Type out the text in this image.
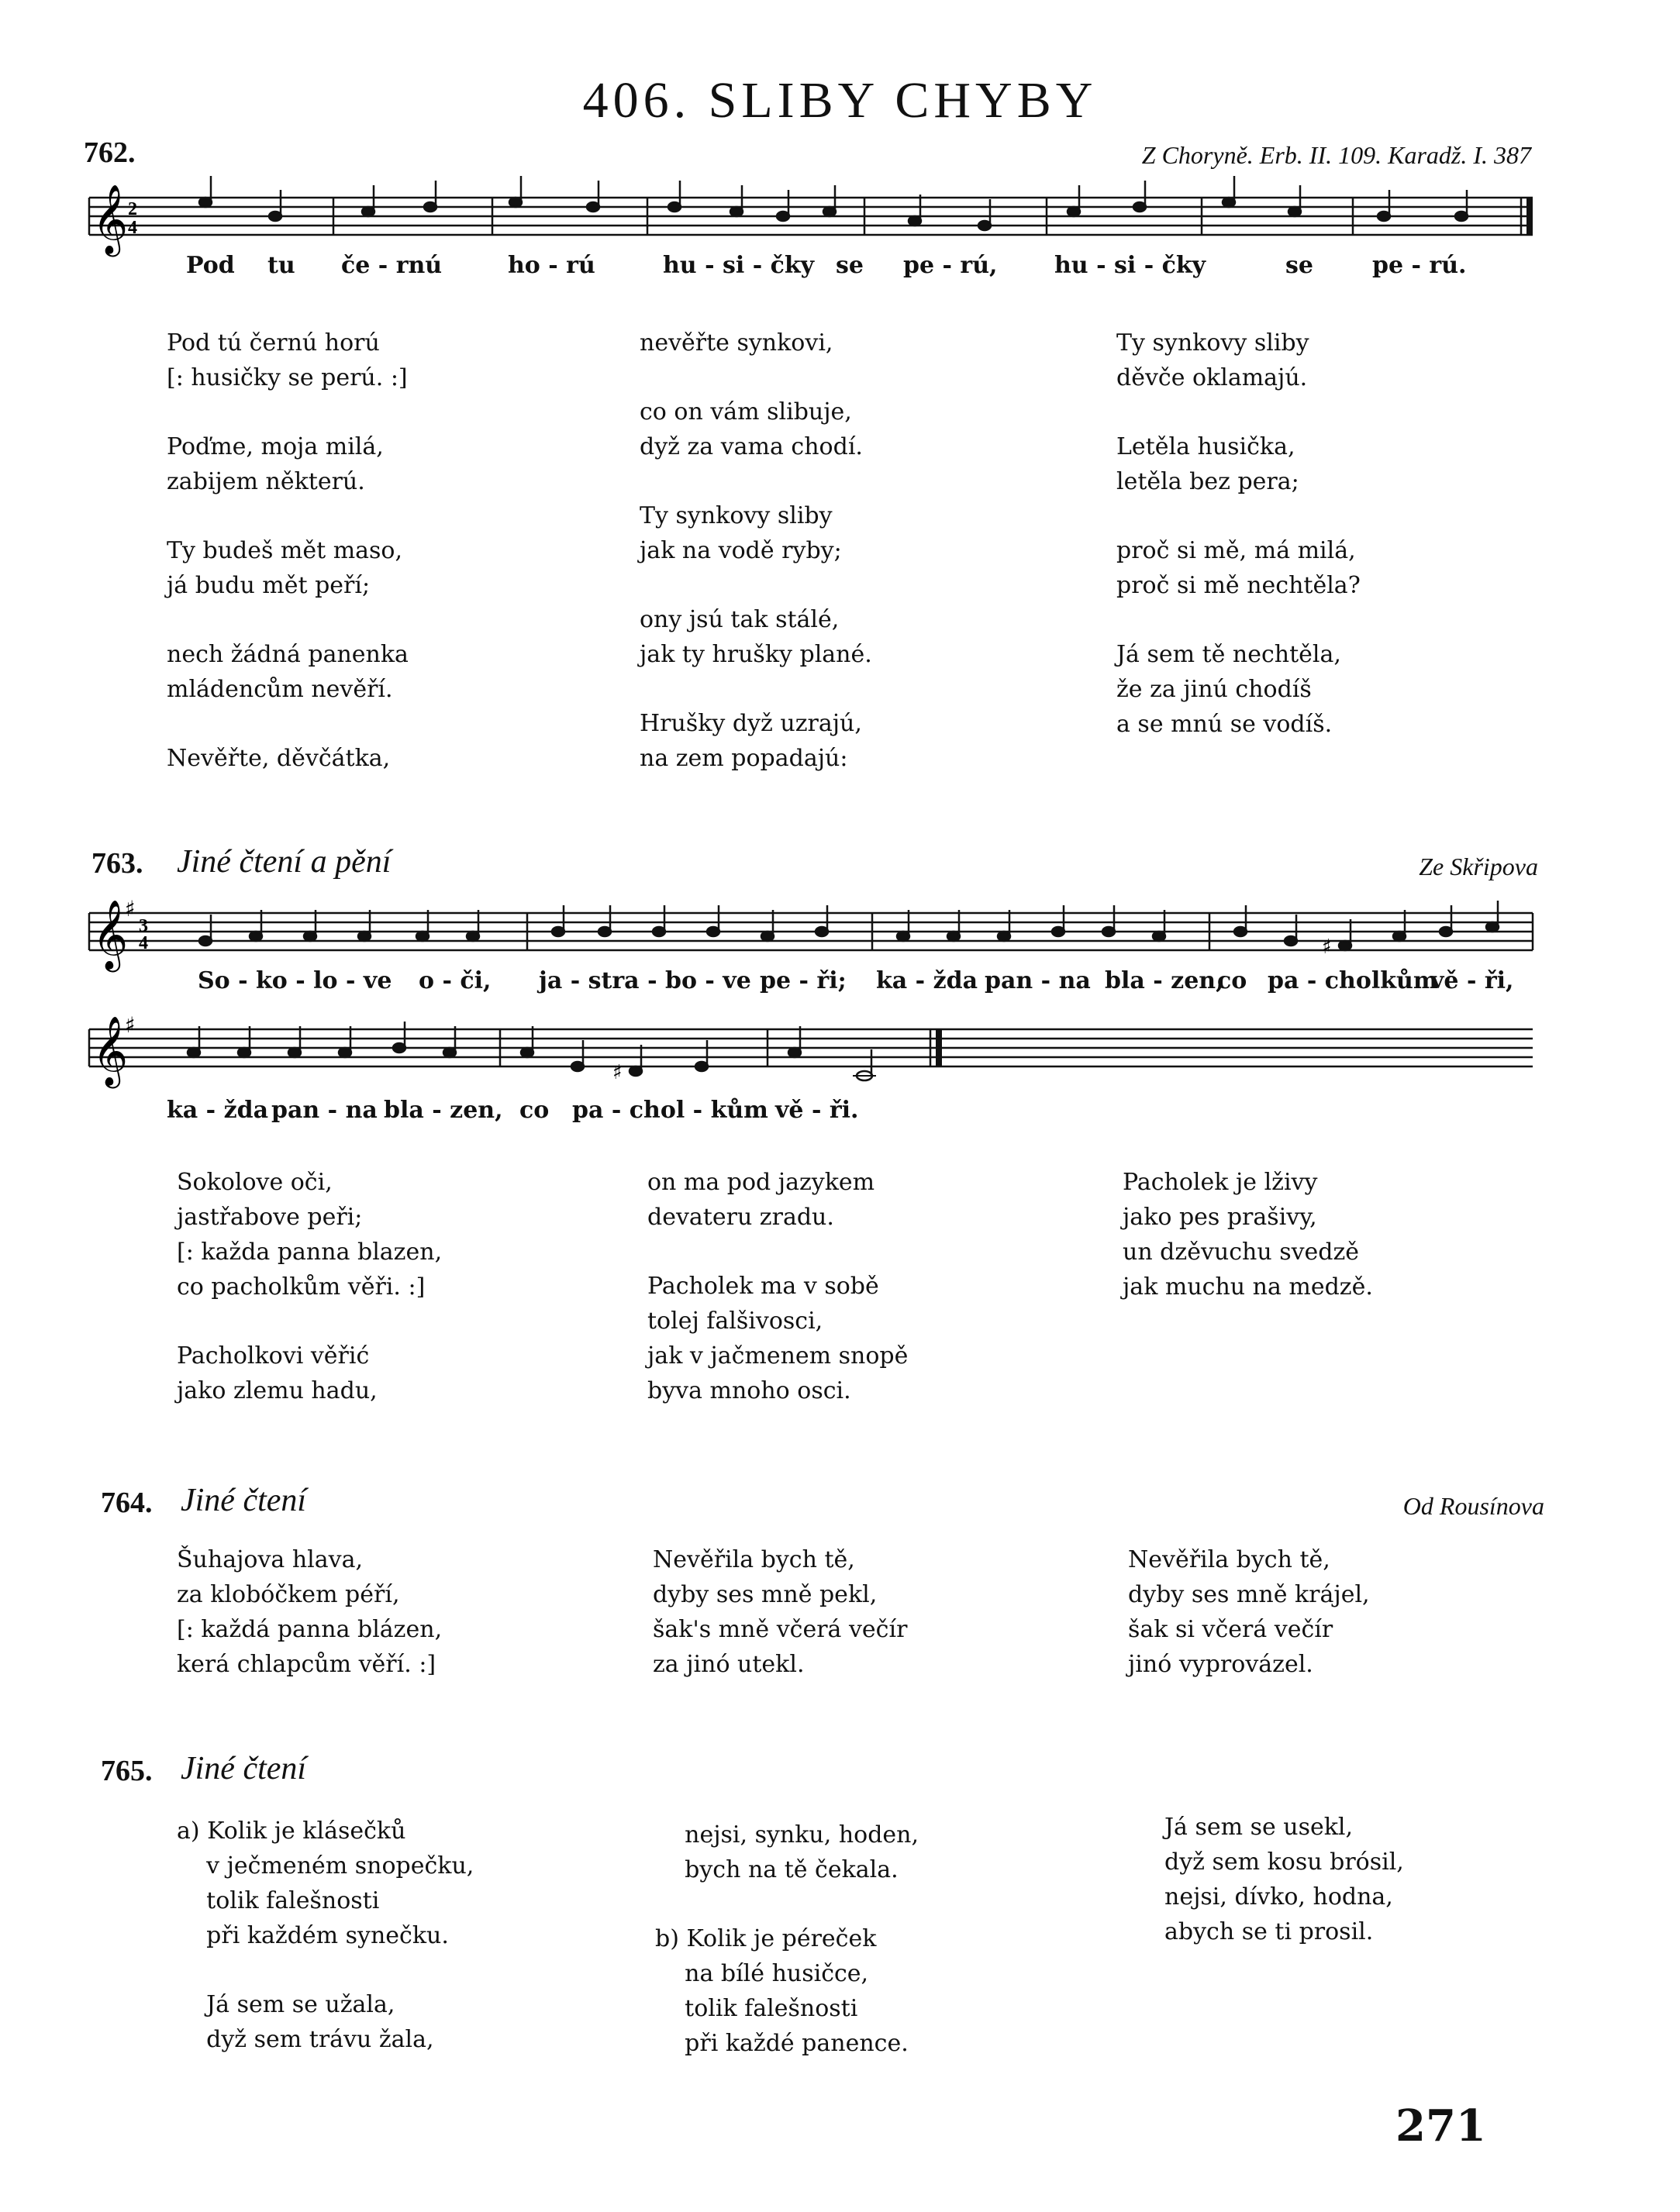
406. SLIBY CHYBY
762.	Z Choryně. Erb. II. 109. Karadž. I. 387
𝄞 2
4
Pod tu če - rnú	ho - rú	hu - si - čky se pe - rú, hu - si - čky	se	pe - rú.

Pod tú černú horú
[: husičky se perú. :]

Poďme, moja milá,
zabijem některú.

Ty budeš mět maso,
já budu mět peří;

nech žádná panenka
mládencům nevěří.

Nevěřte, děvčátka,

nevěřte synkovi,

co on vám slibuje,
dyž za vama chodí.

Ty synkovy sliby
jak na vodě ryby;

ony jsú tak stálé,
jak ty hrušky plané.

Hrušky dyž uzrajú,
na zem popadajú:

Ty synkovy sliby
děvče oklamajú.

Letěla husička,
letěla bez pera;

proč si mě, má milá,
proč si mě nechtěla?

Já sem tě nechtěla,
že za jinú chodíš
a se mnú se vodíš.

763. Jiné čtení a pění	Ze Skřipova
𝄞
♯
3
4	♯
So - ko - lo - ve o - či, ja - stra - bo - ve pe - ři; ka - žda pan - na bla - zen,
co pa - cholkům
vě - ři,
𝄞
♯
♯
ka - žda pan - na bla - zen, co pa - chol - kům vě - ři.

Sokolove oči,
jastřabove peři;
[: každa panna blazen,
co pacholkům věři. :]

Pacholkovi věřić
jako zlemu hadu,

on ma pod jazykem
devateru zradu.

Pacholek ma v sobě
tolej falšivosci,
jak v jačmenem snopě
byva mnoho osci.

Pacholek je lživy
jako pes prašivy,
un dzěvuchu svedzě
jak muchu na medzě.

764. Jiné čtení	Od Rousínova

Šuhajova hlava,
za klobóčkem péří,
[: každá panna blázen,
kerá chlapcům věří. :]

Nevěřila bych tě,
dyby ses mně pekl,
šak's mně včerá večír
za jinó utekl.

Nevěřila bych tě,
dyby ses mně krájel,
šak si včerá večír
jinó vyprovázel.

765. Jiné čtení

a) Kolik je klásečků
v ječmeném snopečku,
tolik falešnosti
při každém synečku.

Já sem se užala,
dyž sem trávu žala,

nejsi, synku, hoden,
bych na tě čekala.

b) Kolik je péreček
na bílé husičce,
tolik falešnosti
při každé panence.

Já sem se usekl,
dyž sem kosu brósil,
nejsi, dívko, hodna,
abych se ti prosil.

271
